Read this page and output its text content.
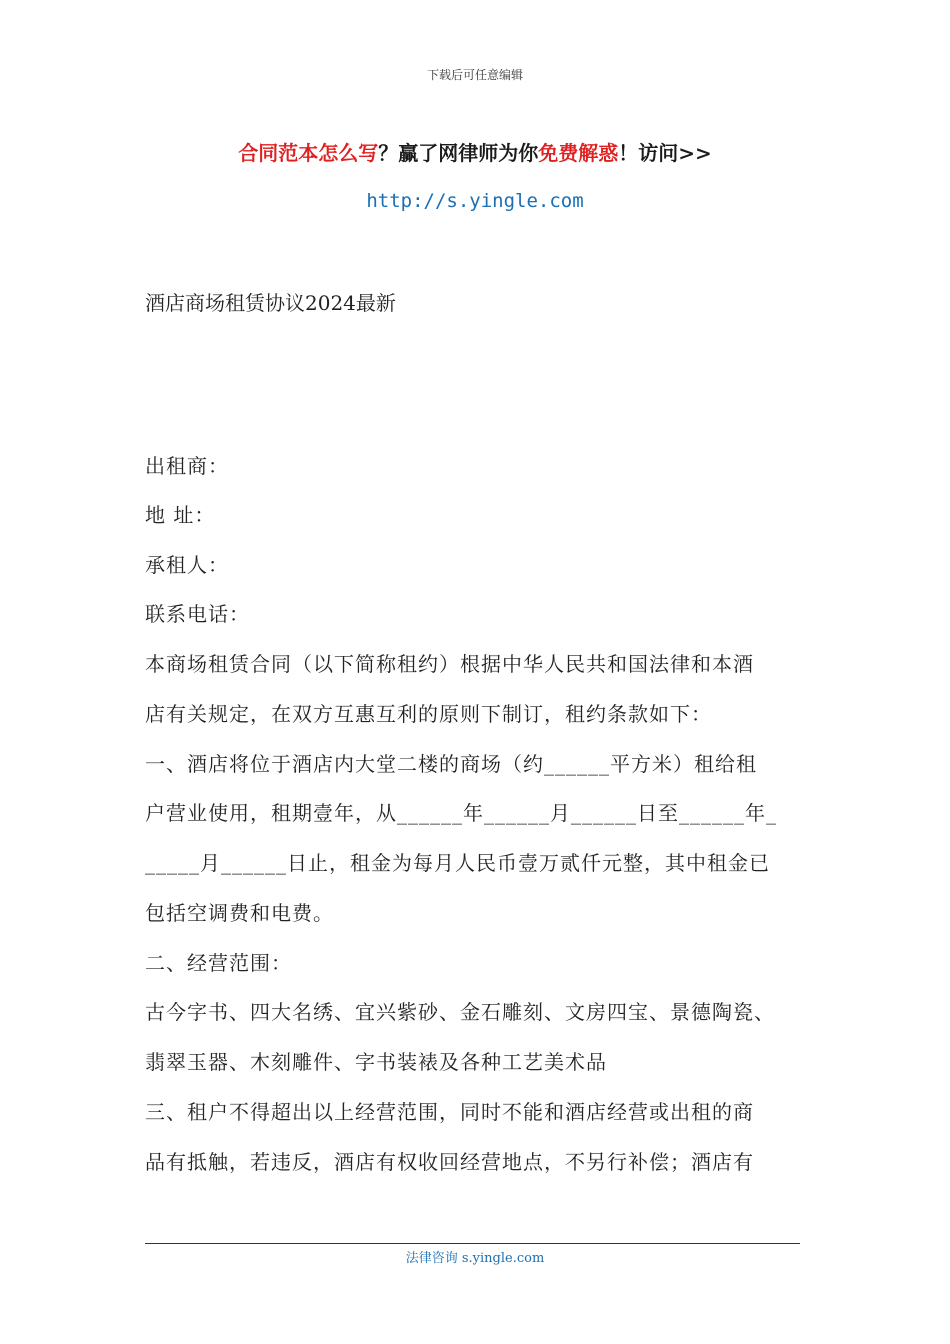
下载后可任意编辑
合同范本怎么写？赢了网律师为你免费解惑！访问>>
http://s.yingle.com
酒店商场租赁协议2024最新
出租商：
地 址：
承租人：
联系电话：
本商场租赁合同（以下简称租约）根据中华人民共和国法律和本酒
店有关规定，在双方互惠互利的原则下制订，租约条款如下：
一、酒店将位于酒店内大堂二楼的商场（约______平方米）租给租
户营业使用，租期壹年，从______年______月______日至______年_
_____月______日止，租金为每月人民币壹万贰仟元整，其中租金已
包括空调费和电费。
二、经营范围：
古今字书、四大名绣、宜兴紫砂、金石雕刻、文房四宝、景德陶瓷、
翡翠玉器、木刻雕件、字书装裱及各种工艺美术品
三、租户不得超出以上经营范围，同时不能和酒店经营或出租的商
品有抵触，若违反，酒店有权收回经营地点，不另行补偿；酒店有
法律咨询 s.yingle.com
